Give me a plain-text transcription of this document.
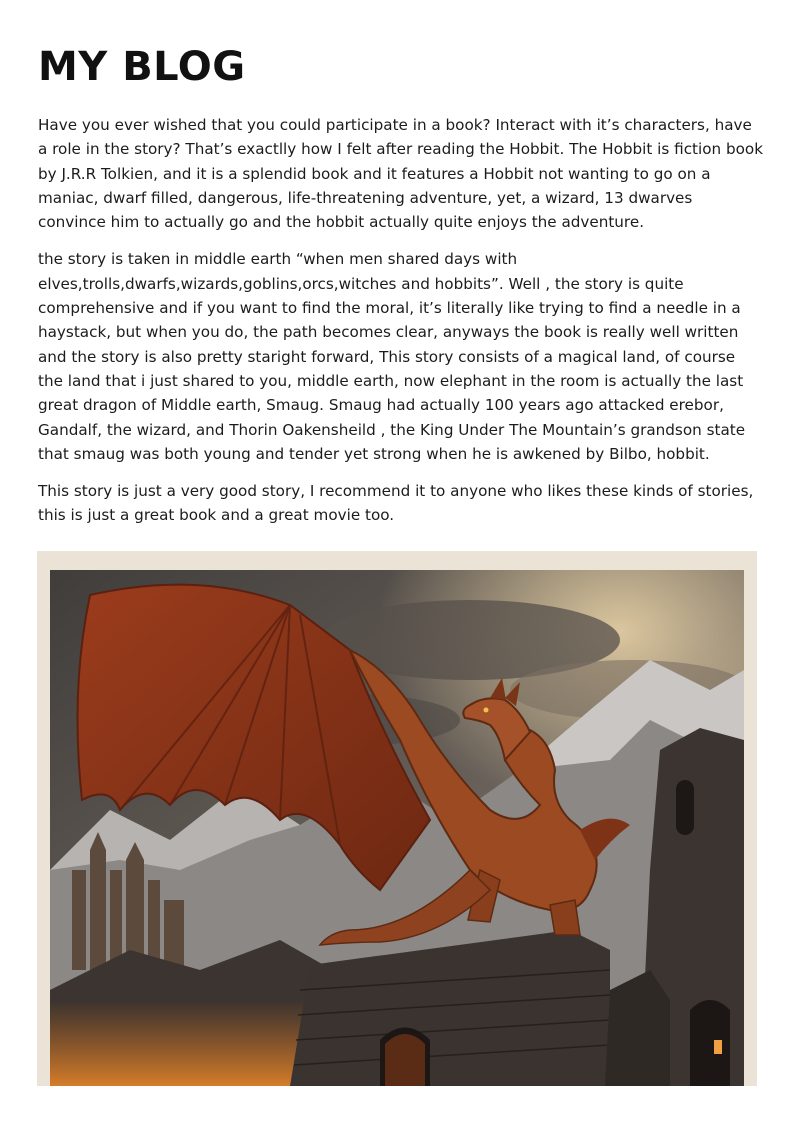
MY BLOG

Have you ever wished that you could participate in a book? Interact with it’s characters, have a role in the story? That’s exactlly how I felt after reading the Hobbit. The Hobbit is fiction book by J.R.R Tolkien, and it is a splendid book and it features a Hobbit not wanting to go on a maniac, dwarf filled, dangerous, life-threatening adventure, yet, a wizard, 13 dwarves convince him to actually go and the hobbit actually quite enjoys the adventure.

the story is taken in middle earth “when men shared days with elves,trolls,dwarfs,wizards,goblins,orcs,witches and hobbits”. Well , the story is quite comprehensive and if you want to find the moral, it’s literally like trying to find a needle in a haystack, but when you do, the path becomes clear, anyways the book is really well written and the story is also pretty staright forward, This story consists of a magical land, of course the land that i just shared to you, middle earth, now elephant in the room is actually the last great dragon of Middle earth, Smaug. Smaug had actually 100 years ago attacked erebor, Gandalf, the wizard, and Thorin Oakensheild , the King Under The Mountain’s grandson state that smaug was both young and tender yet strong when he is awkened by Bilbo, hobbit.

This story is just a very good story, I recommend it to anyone who likes these kinds of stories, this is just a great book and a great movie too.
